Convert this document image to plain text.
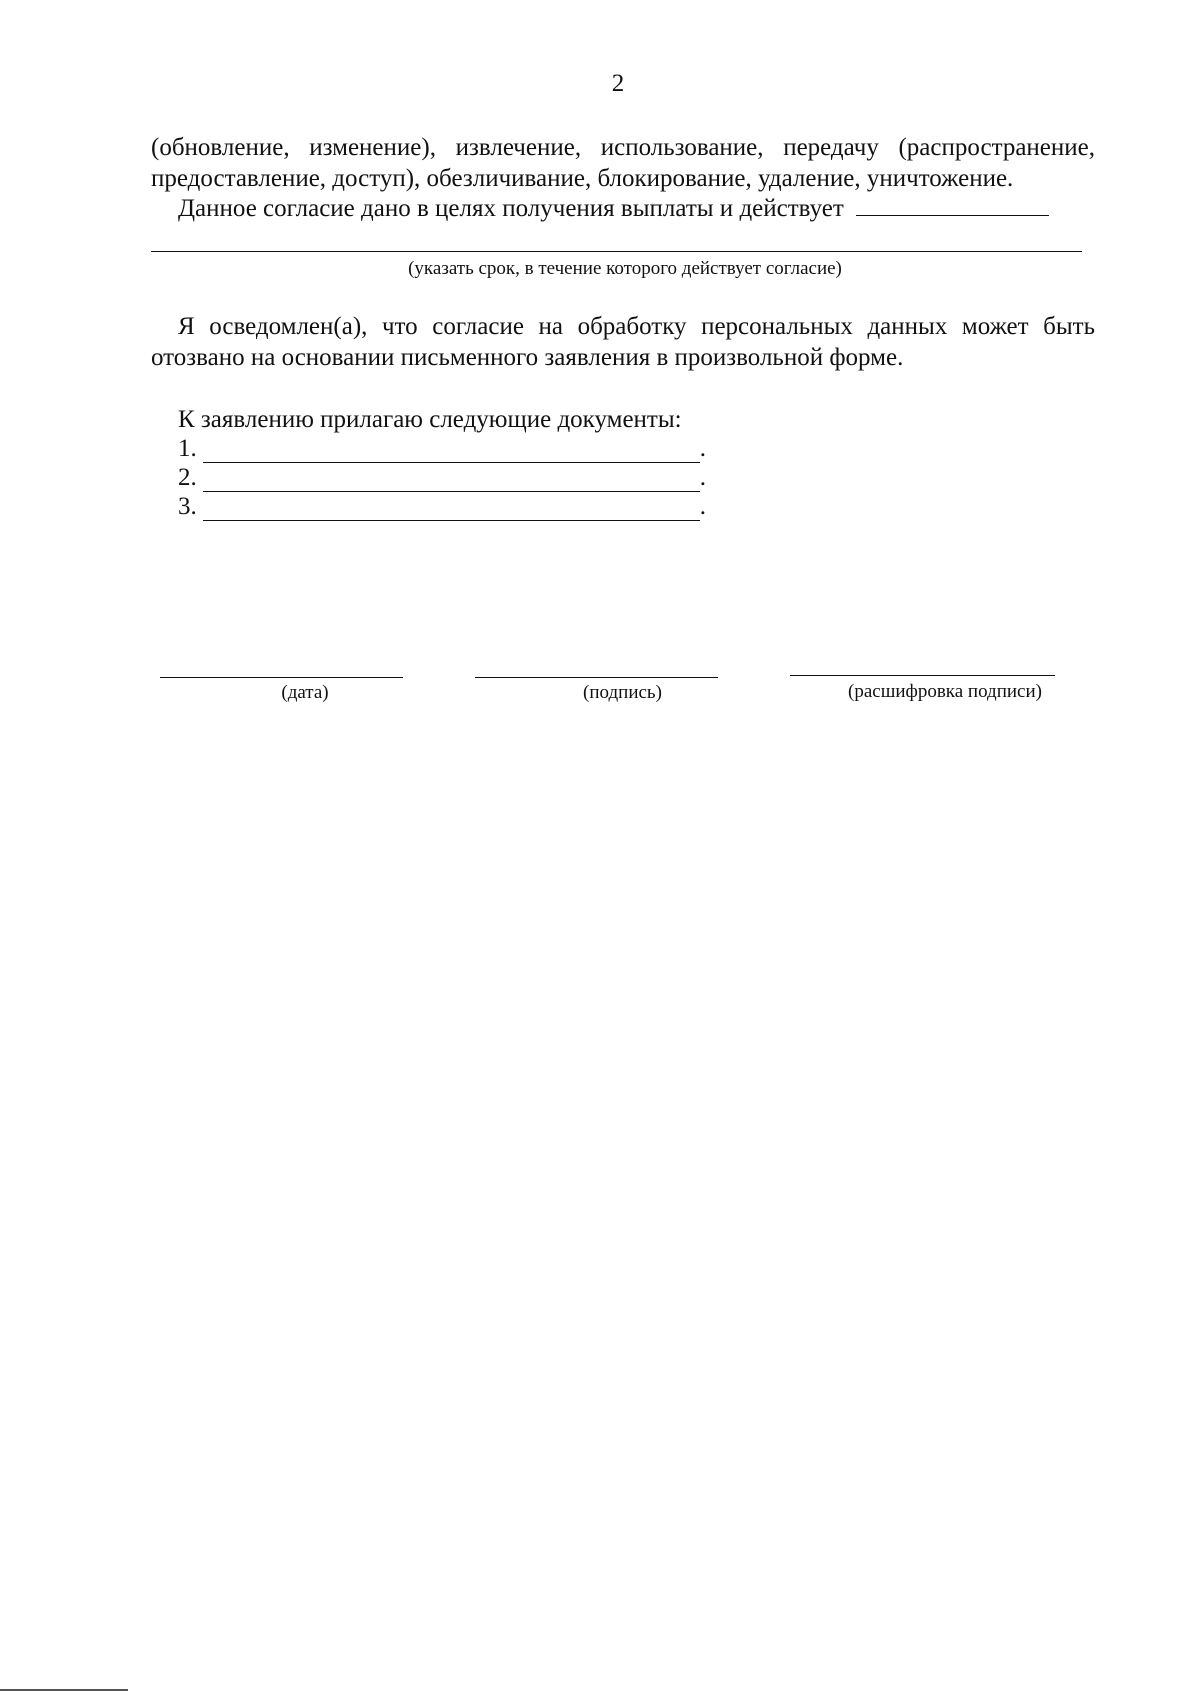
2

(обновление, изменение), извлечение, использование, передачу (распространение,

предоставление, доступ), обезличивание, блокирование, удаление, уничтожение.

Данное согласие дано в целях получения выплаты и действует

(указать срок, в течение которого действует согласие)

Я осведомлен(а), что согласие на обработку персональных данных может быть

отозвано на основании письменного заявления в произвольной форме.

К заявлению прилагаю следующие документы:

1.	.
2.	.
3.	.
(дата)	(подпись)	(расшифровка подписи)
